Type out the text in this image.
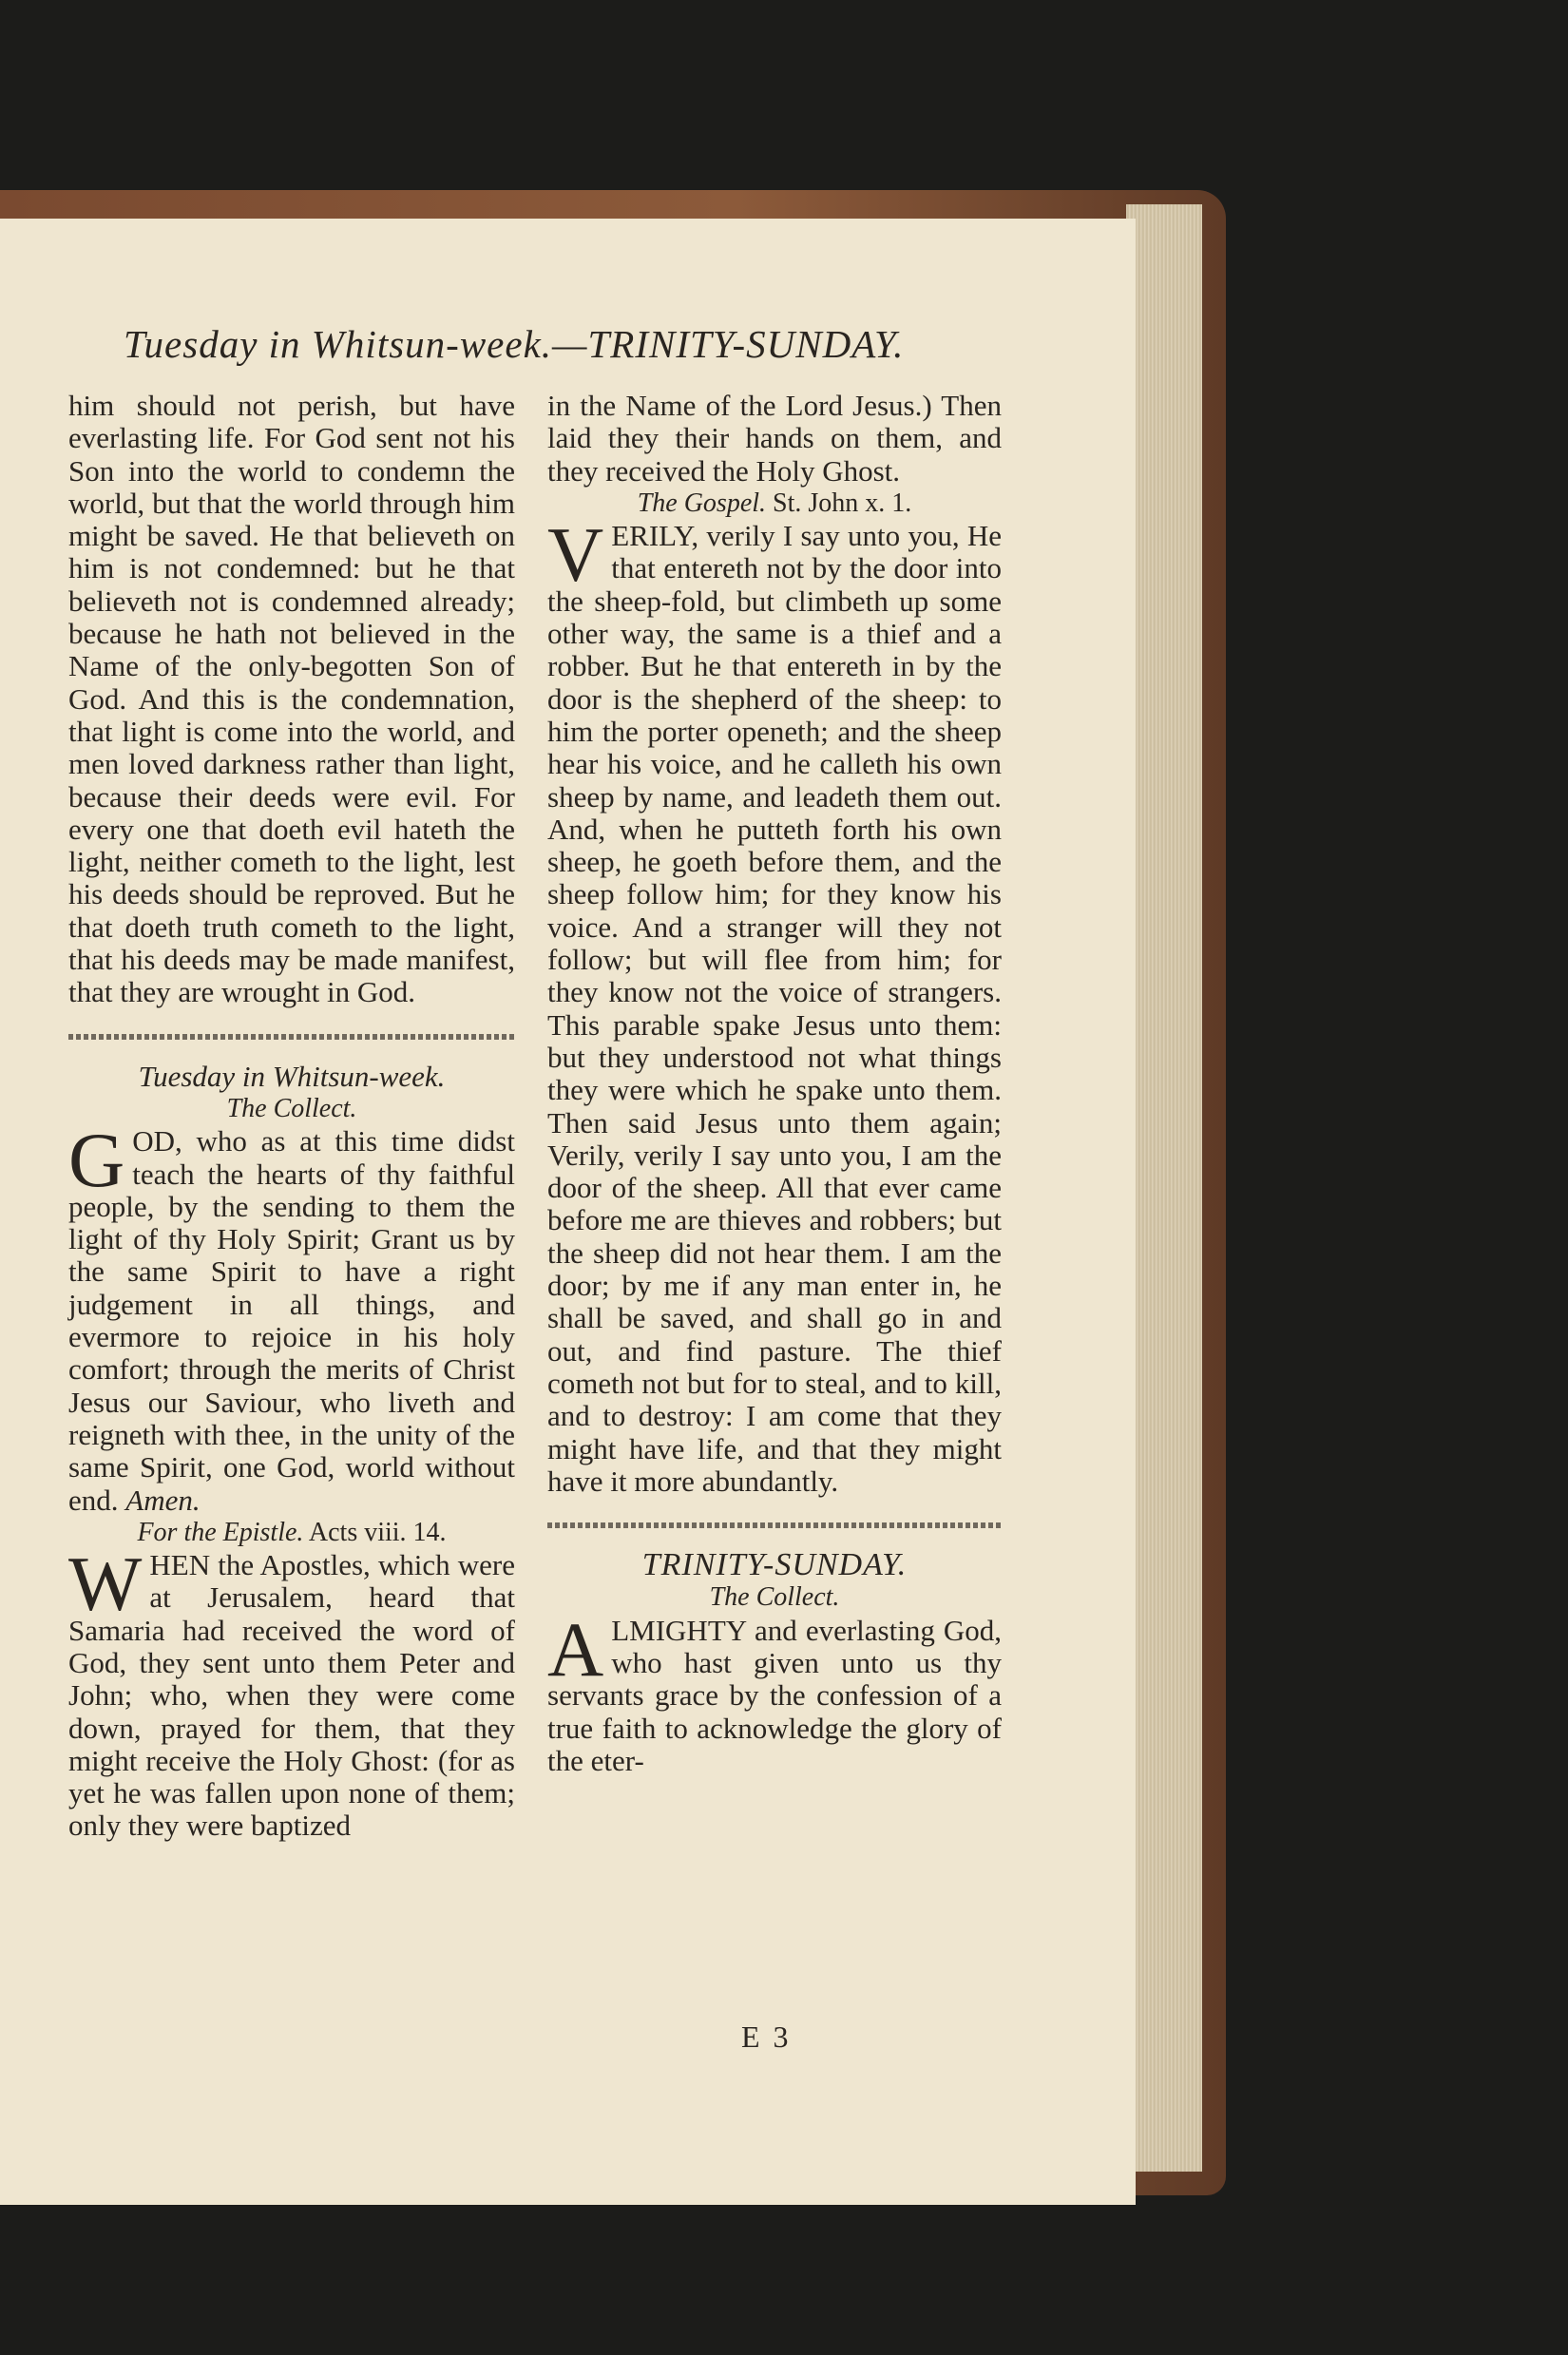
Tuesday in Whitsun-week.—TRINITY-SUNDAY.

him should not perish, but have everlasting life. For God sent not his Son into the world to condemn the world, but that the world through him might be saved. He that believeth on him is not condemned: but he that believeth not is condemned already; because he hath not believed in the Name of the only-begotten Son of God. And this is the condemnation, that light is come into the world, and men loved darkness rather than light, because their deeds were evil. For every one that doeth evil hateth the light, neither cometh to the light, lest his deeds should be reproved. But he that doeth truth cometh to the light, that his deeds may be made manifest, that they are wrought in God.

Tuesday in Whitsun-week.

The Collect.

GOD, who as at this time didst teach the hearts of thy faithful people, by the sending to them the light of thy Holy Spirit; Grant us by the same Spirit to have a right judgement in all things, and evermore to rejoice in his holy comfort; through the merits of Christ Jesus our Saviour, who liveth and reigneth with thee, in the unity of the same Spirit, one God, world without end. Amen.

For the Epistle. Acts viii. 14.

WHEN the Apostles, which were at Jerusalem, heard that Samaria had received the word of God, they sent unto them Peter and John; who, when they were come down, prayed for them, that they might receive the Holy Ghost: (for as yet he was fallen upon none of them; only they were baptized

in the Name of the Lord Jesus.) Then laid they their hands on them, and they received the Holy Ghost.

The Gospel. St. John x. 1.

VERILY, verily I say unto you, He that entereth not by the door into the sheep-fold, but climbeth up some other way, the same is a thief and a robber. But he that entereth in by the door is the shepherd of the sheep: to him the porter openeth; and the sheep hear his voice, and he calleth his own sheep by name, and leadeth them out. And, when he putteth forth his own sheep, he goeth before them, and the sheep follow him; for they know his voice. And a stranger will they not follow; but will flee from him; for they know not the voice of strangers. This parable spake Jesus unto them: but they understood not what things they were which he spake unto them. Then said Jesus unto them again; Verily, verily I say unto you, I am the door of the sheep. All that ever came before me are thieves and robbers; but the sheep did not hear them. I am the door; by me if any man enter in, he shall be saved, and shall go in and out, and find pasture. The thief cometh not but for to steal, and to kill, and to destroy: I am come that they might have life, and that they might have it more abundantly.

TRINITY-SUNDAY.

The Collect.

ALMIGHTY and everlasting God, who hast given unto us thy servants grace by the confession of a true faith to acknowledge the glory of the eter-

E 3
